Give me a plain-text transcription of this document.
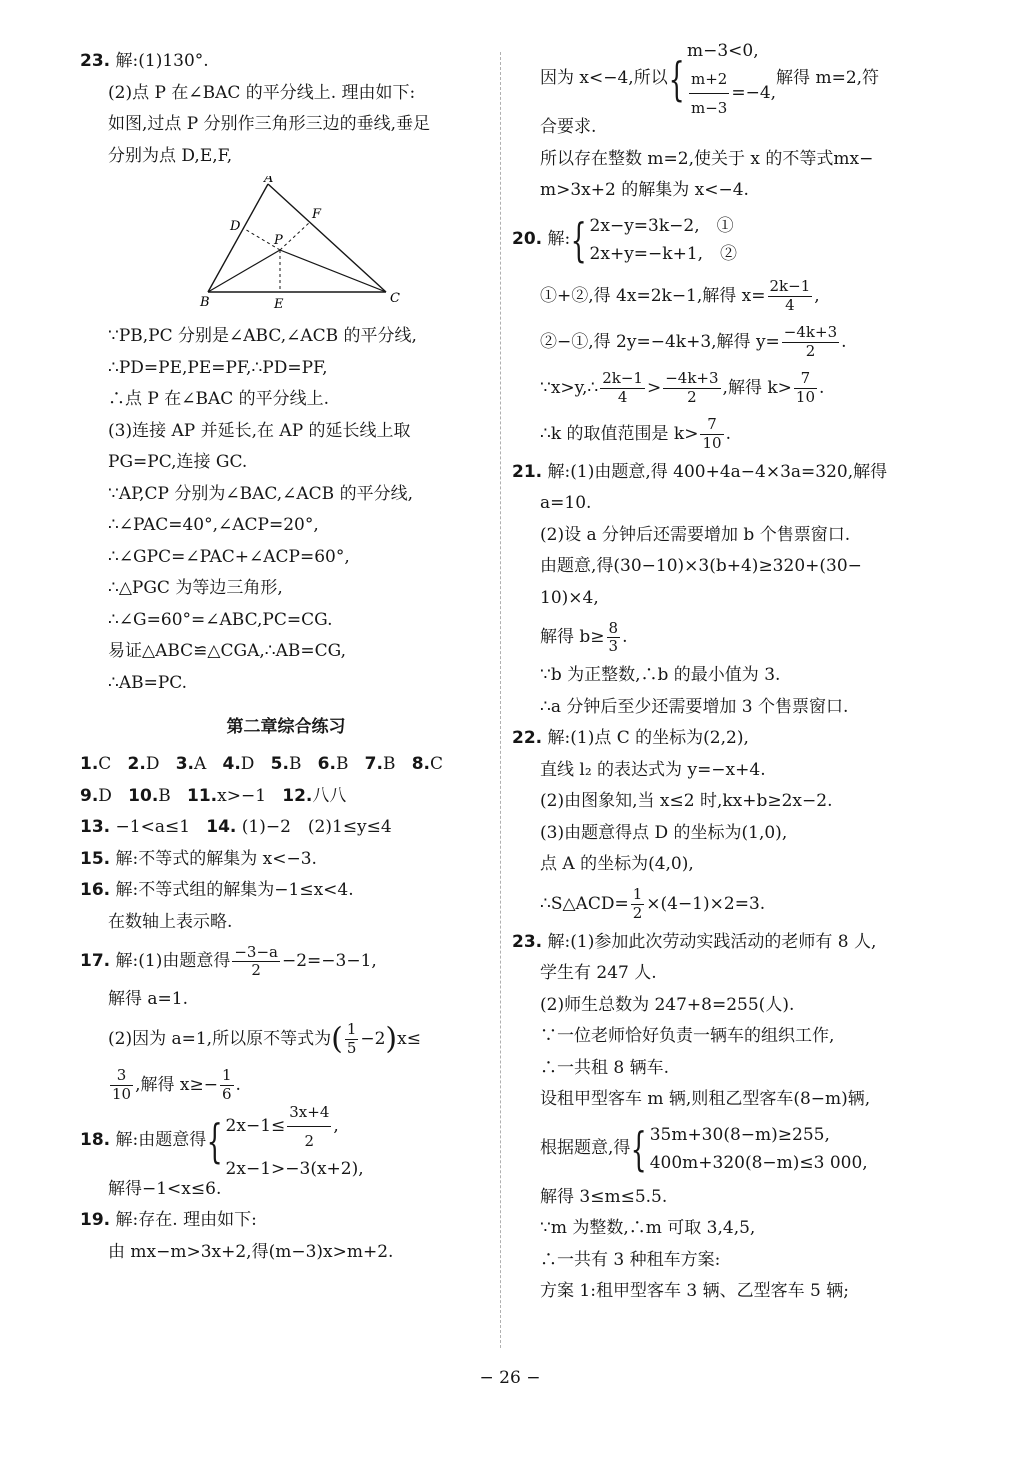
23. 解:(1)130°.
(2)点 P 在∠BAC 的平分线上. 理由如下:
如图,过点 P 分别作三角形三边的垂线,垂足
分别为点 D,E,F,
A
B	C
D
E
F
P
∵PB,PC 分别是∠ABC,∠ACB 的平分线,
∴PD=PE,PE=PF,∴PD=PF,
∴点 P 在∠BAC 的平分线上.
(3)连接 AP 并延长,在 AP 的延长线上取
PG=PC,连接 GC.
∵AP,CP 分别为∠BAC,∠ACB 的平分线,
∴∠PAC=40°,∠ACP=20°,
∴∠GPC=∠PAC+∠ACP=60°,
∴△PGC 为等边三角形,
∴∠G=60°=∠ABC,PC=CG.
易证△ABC≌△CGA,∴AB=CG,
∴AB=PC.
第二章综合练习
1.C 2.D 3.A 4.D 5.B 6.B 7.B 8.C
9.D 10.B 11.x>−1 12.八八
13. −1<a≤1 14. (1)−2　(2)1≤y≤4
15. 解:不等式的解集为 x<−3.
16. 解:不等式组的解集为−1≤x<4.
在数轴上表示略.
17. 解:(1)由题意得 $\frac{-3-a}{2} -2=-3-1$,
解得 a=1.
(2)因为 a=1,所以原不等式为( $\frac{1}{5} -2)x\le$
$\frac{3}{10}$ ,解得 $x\ge- \frac{1}{6}$ .
18.
解:由题意得 { $2x-1\le \frac{3x+4}{2}$ ,
2x−1>−3(x+2),
解得−1<x≤6.
19. 解:存在. 理由如下:
由 mx−m>3x+2,得(m−3)x>m+2.
因为 x<−4,所以 {
m−3<0,
$\frac{m+2}{m-3} =-4$,
解得 m=2,符
合要求.
所以存在整数 m=2,使关于 x 的不等式mx−
m>3x+2 的解集为 x<−4.
20.
解: { 2x−y=3k−2,　①
2x+y=−k+1,　②
①+②,得 4x=2k−1,解得 $x= \frac{2k-1}{4}$ ,
②−①,得 2y=−4k+3,解得 $y= \frac{-4k+3}{2}$ .
∵x>y,∴ $\frac{2k-1}{4} > \frac{-4k+3}{2}$ ,解得 $k> \frac{7}{10}$ .
∴k 的取值范围是 $k> \frac{7}{10}$ .
21. 解:(1)由题意,得 400+4a−4×3a=320,解得
a=10.
(2)设 a 分钟后还需要增加 b 个售票窗口.
由题意,得(30−10)×3(b+4)≥320+(30−
10)×4,
解得 $b\ge \frac{8}{3}$ .
∵b 为正整数,∴b 的最小值为 3.
∴a 分钟后至少还需要增加 3 个售票窗口.
22. 解:(1)点 C 的坐标为(2,2),
直线 l₂ 的表达式为 y=−x+4.
(2)由图象知,当 x≤2 时,kx+b≥2x−2.
(3)由题意得点 D 的坐标为(1,0),
点 A 的坐标为(4,0),
∴S△ACD= $\frac{1}{2} \times(4-1)\times 2=3$.
23. 解:(1)参加此次劳动实践活动的老师有 8 人,
学生有 247 人.
(2)师生总数为 247+8=255(人).
∵一位老师恰好负责一辆车的组织工作,
∴一共租 8 辆车.
设租甲型客车 m 辆,则租乙型客车(8−m)辆,
根据题意,得 { 35m+30(8−m)≥255,
400m+320(8−m)≤3 000,
解得 3≤m≤5.5.
∵m 为整数,∴m 可取 3,4,5,
∴一共有 3 种租车方案:
方案 1:租甲型客车 3 辆、乙型客车 5 辆;
− 26 −
